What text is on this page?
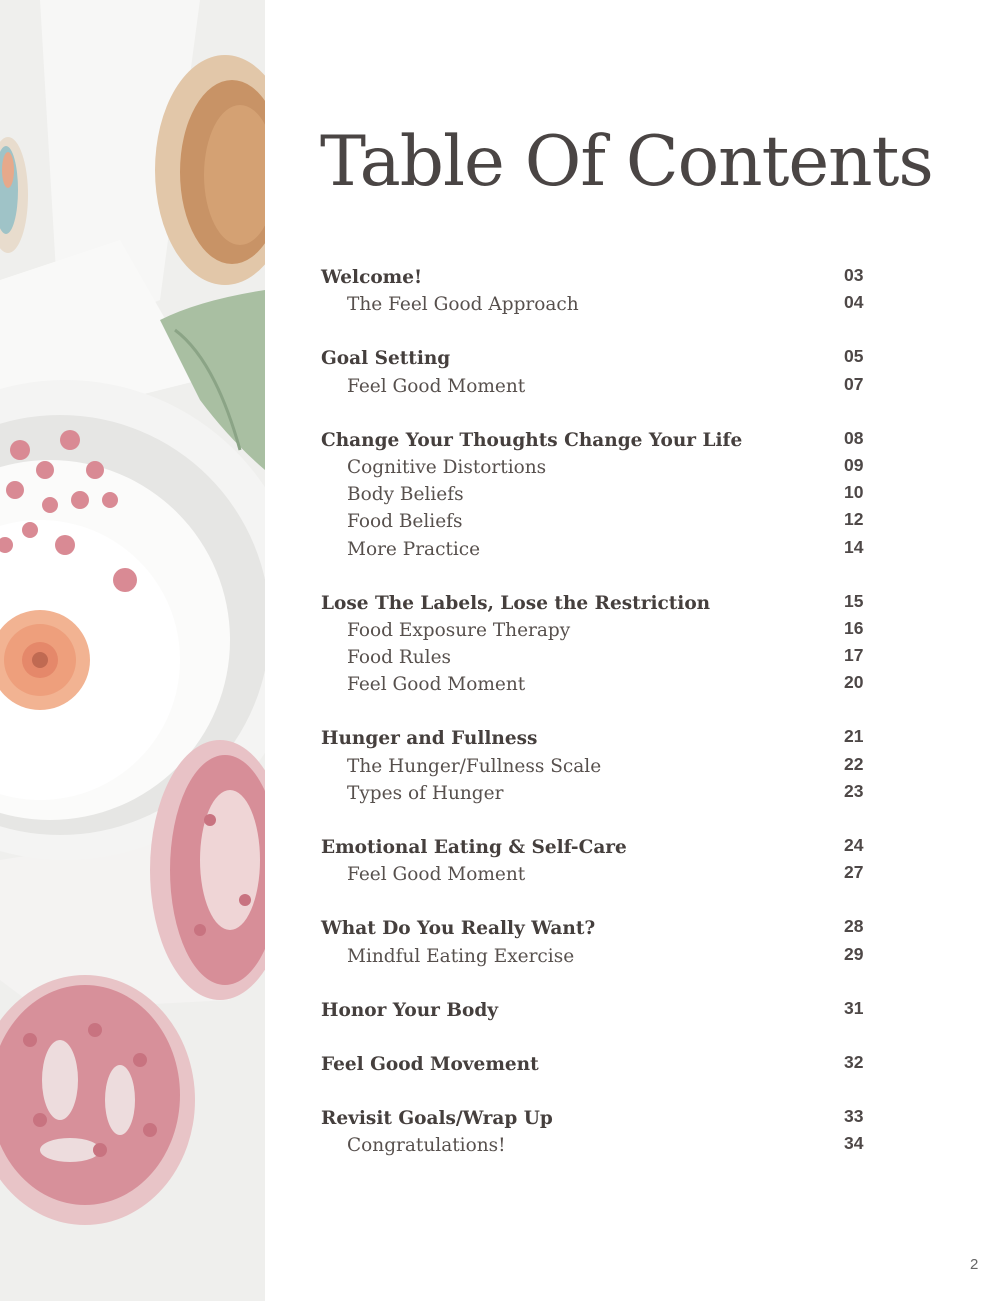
Table Of Contents
Welcome!	03
The Feel Good Approach	04
Goal Setting	05
Feel Good Moment	07
Change Your Thoughts Change Your Life	08
Cognitive Distortions	09
Body Beliefs	10
Food Beliefs	12
More Practice	14
Lose The Labels, Lose the Restriction	15
Food Exposure Therapy	16
Food Rules	17
Feel Good Moment	20
Hunger and Fullness	21
The Hunger/Fullness Scale	22
Types of Hunger	23
Emotional Eating & Self-Care	24
Feel Good Moment	27
What Do You Really Want?	28
Mindful Eating Exercise	29
Honor Your Body	31
Feel Good Movement	32
Revisit Goals/Wrap Up	33
Congratulations!	34
2
